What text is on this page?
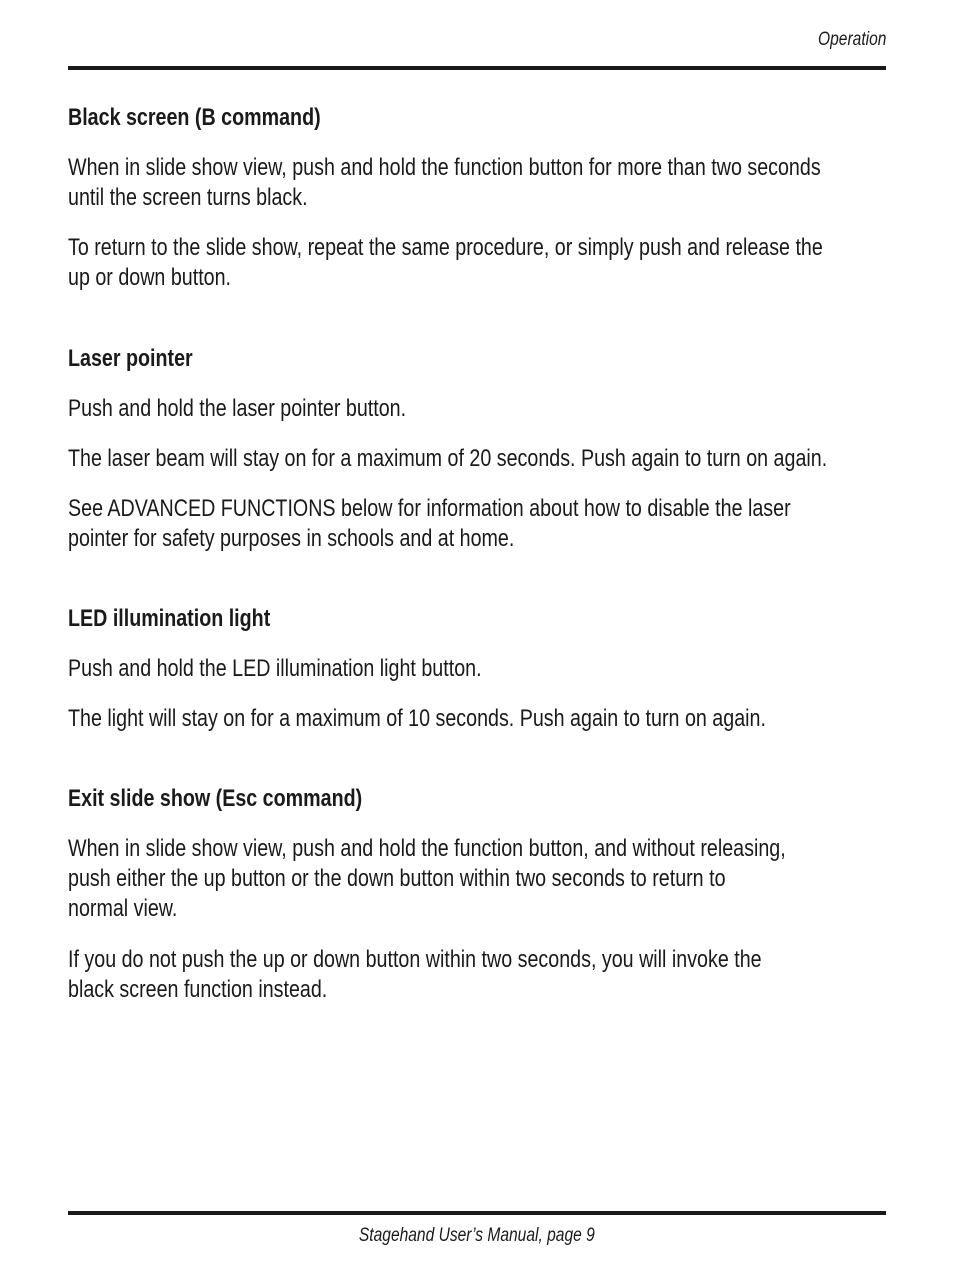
Operation
Black screen (B command)

When in slide show view, push and hold the function button for more than two seconds
until the screen turns black.

To return to the slide show, repeat the same procedure, or simply push and release the
up or down button.

Laser pointer

Push and hold the laser pointer button.

The laser beam will stay on for a maximum of 20 seconds. Push again to turn on again.

See ADVANCED FUNCTIONS below for information about how to disable the laser
pointer for safety purposes in schools and at home.

LED illumination light

Push and hold the LED illumination light button.

The light will stay on for a maximum of 10 seconds. Push again to turn on again.

Exit slide show (Esc command)

When in slide show view, push and hold the function button, and without releasing,
push either the up button or the down button within two seconds to return to
normal view.

If you do not push the up or down button within two seconds, you will invoke the
black screen function instead.

Stagehand User’s Manual, page 9
